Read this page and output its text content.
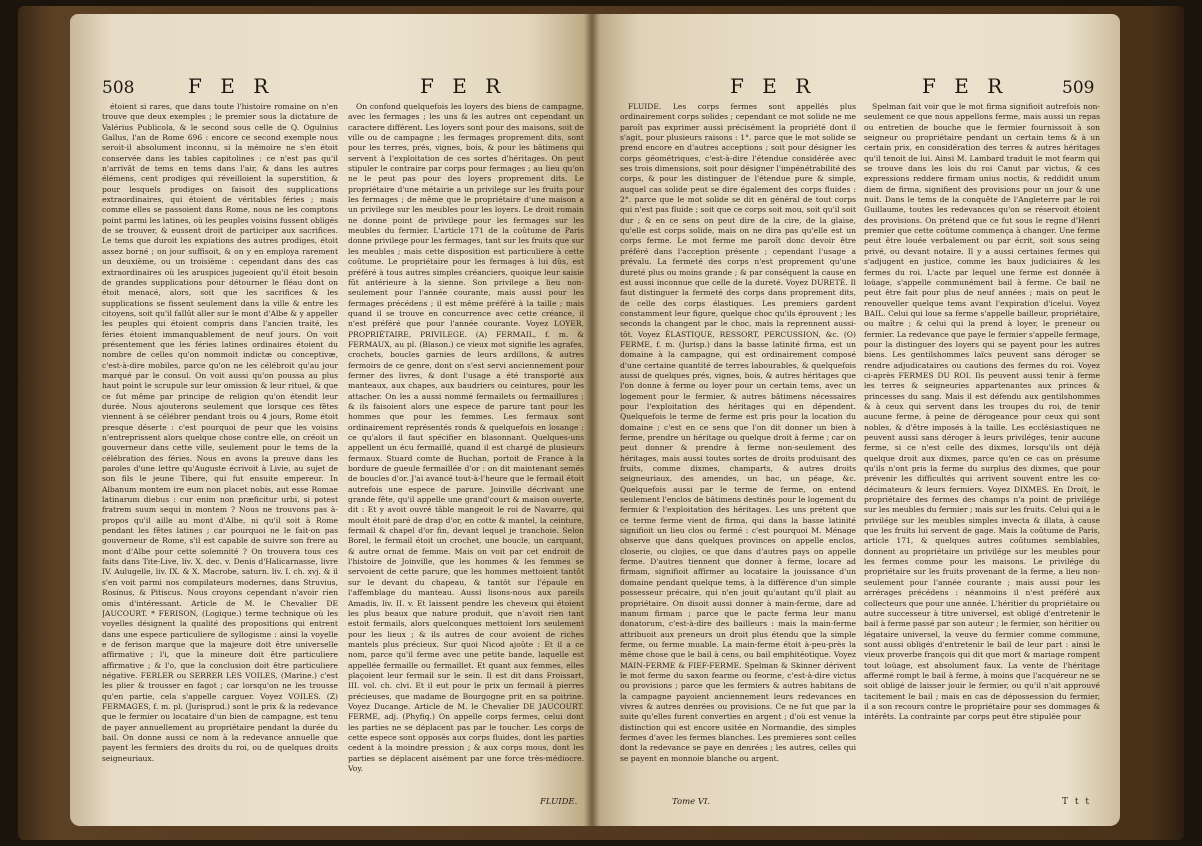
508	F E R	F E R

étoient si rares, que dans toute l'histoire romaine on n'en trouve que deux exemples ; le premier sous la dictature de Valérius Publicola, & le second sous celle de Q. Ogulnius Gallus, l'an de Rome 696 : encore ce second exemple nous seroit-il absolument inconnu, si la mémoire ne s'en étoit conservée dans les tables capitolines : ce n'est pas qu'il n'arrivât de tems en tems dans l'air, & dans les autres élémens, cent prodiges qui réveilloient la superstition, & pour lesquels prodiges on faisoit des supplications extraordinaires, qui étoient de véritables féries ; mais comme elles se passoient dans Rome, nous ne les comptons point parmi les latines, où les peuples voisins fussent obligés de se trouver, & eussent droit de participer aux sacrifices. Le tems que duroit les expiations des autres prodiges, étoit assez borné ; on jour suffisoit, & on y en employa rarement un deuxième, ou un troisième : cependant dans des cas extraordinaires où les aruspices jugeoient qu'il étoit besoin de grandes supplications pour détourner le fléau dont on étoit menacé, alors, soit que les sacrifices & les supplications se fissent seulement dans la ville & entre les citoyens, soit qu'il fallût aller sur le mont d'Albe & y appeller les peuples qui étoient compris dans l'ancien traité, les féries étoient immanquablement de neuf jours. On voit présentement que les féries latines ordinaires étoient du nombre de celles qu'on nommoit indictæ ou conceptivæ, c'est-à-dire mobiles, parce qu'on ne les célébroit qu'au jour marqué par le consul. On voit aussi qu'on poussa au plus haut point le scrupule sur leur omission & leur rituel, & que ce fut même par principe de religion qu'on étendit leur durée. Nous ajouterons seulement que lorsque ces fêtes viennent à se célébrer pendant trois ou 4 jours, Rome étoit presque déserte : c'est pourquoi de peur que les voisins n'entreprissent alors quelque chose contre elle, on créoit un gouverneur dans cette ville, seulement pour le tems de la célébration des féries. Nous en avons la preuve dans les paroles d'une lettre qu'Auguste écrivoit à Livie, au sujet de son fils le jeune Tibere, qui fut ensuite empereur. In Albanum montem ire eum non placet nobis, aut esse Romae latinarum diebus : cur enim non præficitur urbi, si potest fratrem suum sequi in montem ? Nous ne trouvons pas à-propos qu'il aille au mont d'Albe, ni qu'il soit à Rome pendant les fêtes latines ; car pourquoi ne le fait-on pas gouverneur de Rome, s'il est capable de suivre son frere au mont d'Albe pour cette solemnité ? On trouvera tous ces faits dans Tite-Live, liv. X. dec. v. Denis d'Halicarnasse, livre IV. Aulugelle, liv. IX. & X. Macrobe, saturn. liv. I. ch. xvj. & il s'en voit parmi nos compilateurs modernes, dans Struvius, Rosinus, & Pitiscus. Nous croyons cependant n'avoir rien omis d'intéressant. Article de M. le Chevalier DE JAUCOURT. * FERISON, (Logique.) terme technique où les voyelles désignent la qualité des propositions qui entrent dans une espece particuliere de syllogisme : ainsi la voyelle e de ferison marque que la majeure doit être universelle affirmative ; l'i, que la mineure doit être particuliere affirmative ; & l'o, que la conclusion doit être particuliere négative. FERLER ou SERRER LES VOILES, (Marine.) c'est les plier & trousser en fagot ; car lorsqu'on ne les trousse qu'en partie, cela s'appelle carguer. Voyez VOILES. (Z) FERMAGES, f. m. pl. (Jurisprud.) sont le prix & la redevance que le fermier ou locataire d'un bien de campagne, est tenu de payer annuellement au propriétaire pendant la durée du bail. On donne aussi ce nom à la redevance annuelle que payent les fermiers des droits du roi, ou de quelques droits seigneuriaux.

On confond quelquefois les loyers des biens de campagne, avec les fermages ; les uns & les autres ont cependant un caractere différent. Les loyers sont pour des maisons, soit de ville ou de campagne ; les fermages proprement dits, sont pour les terres, prés, vignes, bois, & pour les bâtimens qui servent à l'exploitation de ces sortes d'héritages. On peut stipuler le contraire par corps pour fermages ; au lieu qu'on ne le peut pas pour des loyers proprement dits. Le propriétaire d'une métairie a un privilege sur les fruits pour les fermages ; de même que le propriétaire d'une maison a un privilege sur les meubles pour les loyers. Le droit romain ne donne point de privilege pour les fermages sur les meubles du fermier. L'article 171 de la coûtume de Paris donne privilege pour les fermages, tant sur les fruits que sur les meubles ; mais cette disposition est particuliere à cette coûtume. Le propriétaire pour les fermages à lui dûs, est préféré à tous autres simples créanciers, quoique leur saisie fût antérieure à la sienne. Son privilege a lieu non-seulement pour l'année courante, mais aussi pour les fermages précédens ; il est même préféré à la taille ; mais quand il se trouve en concurrence avec cette créance, il n'est préféré que pour l'année courante. Voyez LOYER, PROPRIÉTAIRE, PRIVILEGE. (A) FERMAIL, f. m. & FERMAUX, au pl. (Blason.) ce vieux mot signifie les agrafes, crochets, boucles garnies de leurs ardillons, & autres fermoirs de ce genre, dont on s'est servi anciennement pour fermer des livres, & dont l'usage a été transporté aux manteaux, aux chapes, aux baudriers ou ceintures, pour les attacher. On les a aussi nommé fermailets ou fermaillures ; & ils faisoient alors une espece de parure tant pour les hommes que pour les femmes. Les fermaux sont ordinairement représentés ronds & quelquefois en losange ; ce qu'alors il faut spécifier en blasonnant. Quelques-uns appellent un écu fermaillé, quand il est chargé de plusieurs fermaux. Stuard comte de Buchan, portoit de France à la bordure de gueule fermaillée d'or : on dit maintenant semés de boucles d'or. J'ai avancé tout-à-l'heure que le fermail étoit autrefois une espece de parure. Joinville décrivant une grande fête, qu'il appelle une grand'court & maison ouverte, dit : Et y avoit ouvré tâble mangeoit le roi de Navarre, qui moult étoit paré de drap d'or, en cotte & mantel, la ceinture, fermail & chapel d'or fin, devant lequel je tranchoie. Selon Borel, le fermail étoit un crochet, une boucle, un carquant, & autre ornat de femme. Mais on voit par cet endroit de l'histoire de Joinville, que les hommes & les femmes se servoient de cette parure, que les hommes mettoient tantôt sur le devant du chapeau, & tantôt sur l'épaule en l'affemblage du manteau. Aussi lisons-nous aux pareils Amadis, liv. II. v. Et laissent pendre les cheveux qui étoient les plus beaux que nature produit, que n'avoit rien tant estoit fermails, alors quelconques mettoient lors seulement pour les lieux ; & ils autres de cour avoient de riches mantels plus précieux. Sur quoi Nicod ajoûte : Et il a ce nom, parce qu'il ferme avec une petite bande, laquelle est appellée fermaille ou fermaillet. Et quant aux femmes, elles plaçoient leur fermail sur le sein. Il est dit dans Froissart, III. vol. ch. clvi. Et il eut pour le prix un fermail à pierres précieuses, que madame de Bourgogne prit en sa poitrine. Voyez Ducange. Article de M. le Chevalier DE JAUCOURT. FERME, adj. (Phyfiq.) On appelle corps fermes, celui dont les parties ne se déplacent pas par le toucher. Les corps de cette espece sont opposés aux corps fluides, dont les parties cedent à la moindre pression ; & aux corps mous, dont les parties se déplacent aisément par une force très-médiocre. Voy.

FLUIDE.
F E R	F E R	509

FLUIDE. Les corps fermes sont appellés plus ordinairement corps solides ; cependant ce mot solide ne me paroît pas exprimer aussi précisément la propriété dont il s'agit, pour plusieurs raisons : 1°. parce que le mot solide se prend encore en d'autres acceptions ; soit pour désigner les corps géométriques, c'est-à-dire l'étendue considérée avec ses trois dimensions, soit pour désigner l'impénétrabilité des corps, & pour les distinguer de l'étendue pure & simple, auquel cas solide peut se dire également des corps fluides : 2°. parce que le mot solide se dit en général de tout corps qui n'est pas fluide ; soit que ce corps soit mou, soit qu'il soit dur ; & en ce sens on peut dire de la cire, de la glaise, qu'elle est corps solide, mais on ne dira pas qu'elle est un corps ferme. Le mot ferme me paroît donc devoir être préféré dans l'acception présente ; cependant l'usage a prévalu. La fermeté des corps n'est proprement qu'une dureté plus ou moins grande ; & par conséquent la cause en est aussi inconnue que celle de la dureté. Voyez DURETÉ. Il faut distinguer la fermeté des corps dans proprement dits, de celle des corps élastiques. Les premiers gardent constamment leur figure, quelque choc qu'ils éprouvent ; les seconds la changent par le choc, mais la reprennent aussi-tôt. Voyez ÉLASTIQUE, RESSORT, PERCUSSION, &c. (O) FERME, f. m. (Jurisp.) dans la basse latinité firma, est un domaine à la campagne, qui est ordinairement composé d'une certaine quantité de terres labourables, & quelquefois aussi de quelques prés, vignes, bois, & autres héritages que l'on donne à ferme ou loyer pour un certain tems, avec un logement pour le fermier, & autres bâtimens nécessaires pour l'exploitation des héritages qui en dépendent. Quelquefois le terme de ferme est pris pour la location du domaine ; c'est en ce sens que l'on dit donner un bien à ferme, prendre un héritage ou quelque droit à ferme ; car on peut donner & prendre à ferme non-seulement des héritages, mais aussi toutes sortes de droits produisant des fruits, comme dixmes, champarts, & autres droits seigneuriaux, des amendes, un bac, un péage, &c. Quelquefois aussi par le terme de ferme, on entend seulement l'enclos de bâtimens destinés pour le logement du fermier & l'exploitation des héritages. Les uns prétent que ce terme ferme vient de firma, qui dans la basse latinité signifioit un lieu clos ou fermé : c'est pourquoi M. Ménage observe que dans quelques provinces on appelle enclos, closerie, ou clojies, ce que dans d'autres pays on appelle ferme. D'autres tiennent que donner à ferme, locare ad firmam, signifioit affirmer au locataire la jouissance d'un domaine pendant quelque tems, à la différence d'un simple possesseur précaire, qui n'en jouit qu'autant qu'il plait au propriétaire. On disoit aussi donner à main-ferme, dare ad manum firmam ; parce que le pacte ferma leur manu donatorum, c'est-à-dire des bailleurs : mais la main-ferme attribuoit aux preneurs un droit plus étendu que la simple ferme, ou ferme muable. La main-ferme étoit à-peu-près la même chose que le bail à cens, ou bail emphitéotique. Voyez MAIN-FERME & FIEF-FERME. Spelman & Skinner dérivent le mot ferme du saxon fearme ou feorme, c'est-à-dire victus ou provisions ; parce que les fermiers & autres habitans de la campagne payoient anciennement leurs redevances en vivres & autres denrées ou provisions. Ce ne fut que par la suite qu'elles furent converties en argent ; d'où est venue la distinction qui est encore usitée en Normandie, des simples fermes d'avec les fermes blanches. Les premieres sont celles dont la redevance se paye en denrées ; les autres, celles qui se payent en monnoie blanche ou argent.

Spelman fait voir que le mot firma signifioit autrefois non-seulement ce que nous appellons ferme, mais aussi un repas ou entretien de bouche que le fermier fournissoit à son seigneur ou propriétaire pendant un certain tems & à un certain prix, en considération des terres & autres héritages qu'il tenoit de lui. Ainsi M. Lambard traduit le mot fearm qui se trouve dans les lois du roi Canut par victus, & ces expressions reddere firmam unius noctis, & reddidit unum diem de firma, signifient des provisions pour un jour & une nuit. Dans le tems de la conquête de l'Angleterre par le roi Guillaume, toutes les redevances qu'on se réservoit étoient des provisions. On prétend que ce fut sous le regne d'Henri premier que cette coûtume commença à changer. Une ferme peut être louée verbalement ou par écrit, soit sous seing privé, ou devant notaire. Il y a aussi certaines fermes qui s'adjugent en justice, comme les baux judiciaires & les fermes du roi. L'acte par lequel une ferme est donnée à loüage, s'appelle communément bail à ferme. Ce bail ne peut être fait pour plus de neuf années ; mais on peut le renouveller quelque tems avant l'expiration d'icelui. Voyez BAIL. Celui qui loue sa ferme s'appelle bailleur, propriétaire, ou maître ; & celui qui la prend à loyer, le preneur ou fermier. La redevance que paye le fermier s'appelle fermage, pour la distinguer des loyers qui se payent pour les autres biens. Les gentilshommes laïcs peuvent sans déroger se rendre adjudicataires ou cautions des fermes du roi. Voyez ci-après FERMES DU ROI. Ils peuvent aussi tenir à ferme les terres & seigneuries appartenantes aux princes & princesses du sang. Mais il est défendu aux gentilshommes & à ceux qui servent dans les troupes du roi, de tenir aucune ferme, à peine de dérogeance pour ceux qui sont nobles, & d'être imposés à la taille. Les ecclésiastiques ne peuvent aussi sans déroger à leurs priviléges, tenir aucune ferme, si ce n'est celle des dixmes, lorsqu'ils ont déjà quelque droit aux dixmes, parce qu'en ce cas on présume qu'ils n'ont pris la ferme du surplus des dixmes, que pour prévenir les difficultés qui arrivent souvent entre les co-décimateurs & leurs fermiers. Voyez DIXMES. En Droit, le propriétaire des fermes des champs n'a point de privilége sur les meubles du fermier ; mais sur les fruits. Celui qui a le privilége sur les meubles simples invecta & illata, à cause que les fruits lui servent de gage. Mais la coûtume de Paris, article 171, & quelques autres coûtumes semblables, donnent au propriétaire un privilége sur les meubles pour les fermes comme pour les maisons. Le privilége du propriétaire sur les fruits provenant de la ferme, a lieu non-seulement pour l'année courante ; mais aussi pour les arrérages précédens : néanmoins il n'est préféré aux collecteurs que pour une année. L'héritier du propriétaire ou autre successeur à titre universel, est obligé d'entretenir le bail à ferme passé par son auteur ; le fermier, son héritier ou légataire universel, la veuve du fermier comme commune, sont aussi obligés d'entretenir le bail de leur part : ainsi le vieux proverbe françois qui dit que mort & mariage rompent tout loüage, est absolument faux. La vente de l'héritage affermé rompt le bail à ferme, à moins que l'acquéreur ne se soit obligé de laisser jouir le fermier, ou qu'il n'ait approuvé tacitement le bail ; mais en cas de dépossession du fermier, il a son recours contre le propriétaire pour ses dommages & intérêts. La contrainte par corps peut être stipulée pour

Tome VI.	T t t
